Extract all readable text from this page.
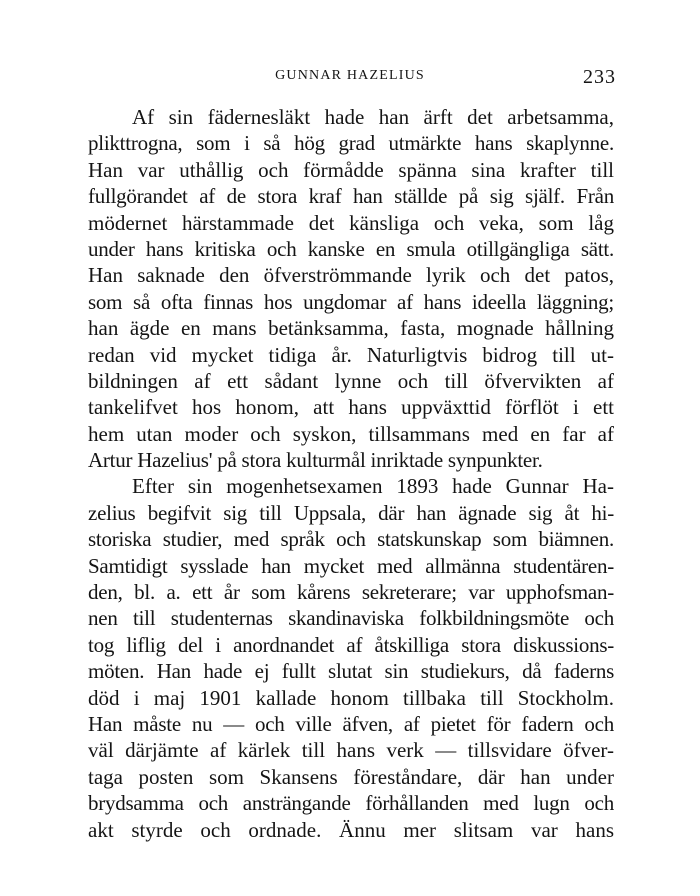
GUNNAR HAZELIUS	233
Af sin fädernesläkt hade han ärft det arbetsamma,
plikttrogna, som i så hög grad utmärkte hans skaplynne.
Han var uthållig och förmådde spänna sina krafter till
fullgörandet af de stora kraf han ställde på sig själf. Från
mödernet härstammade det känsliga och veka, som låg
under hans kritiska och kanske en smula otillgängliga sätt.
Han saknade den öfverströmmande lyrik och det patos,
som så ofta finnas hos ungdomar af hans ideella läggning;
han ägde en mans betänksamma, fasta, mognade hållning
redan vid mycket tidiga år. Naturligtvis bidrog till ut-
bildningen af ett sådant lynne och till öfvervikten af
tankelifvet hos honom, att hans uppväxttid förflöt i ett
hem utan moder och syskon, tillsammans med en far af
Artur Hazelius' på stora kulturmål inriktade synpunkter.
Efter sin mogenhetsexamen 1893 hade Gunnar Ha-
zelius begifvit sig till Uppsala, där han ägnade sig åt hi-
storiska studier, med språk och statskunskap som biämnen.
Samtidigt sysslade han mycket med allmänna studentären-
den, bl. a. ett år som kårens sekreterare; var upphofsman-
nen till studenternas skandinaviska folkbildningsmöte och
tog liflig del i anordnandet af åtskilliga stora diskussions-
möten. Han hade ej fullt slutat sin studiekurs, då faderns
död i maj 1901 kallade honom tillbaka till Stockholm.
Han måste nu — och ville äfven, af pietet för fadern och
väl därjämte af kärlek till hans verk — tillsvidare öfver-
taga posten som Skansens föreståndare, där han under
brydsamma och ansträngande förhållanden med lugn och
akt styrde och ordnade. Ännu mer slitsam var hans
